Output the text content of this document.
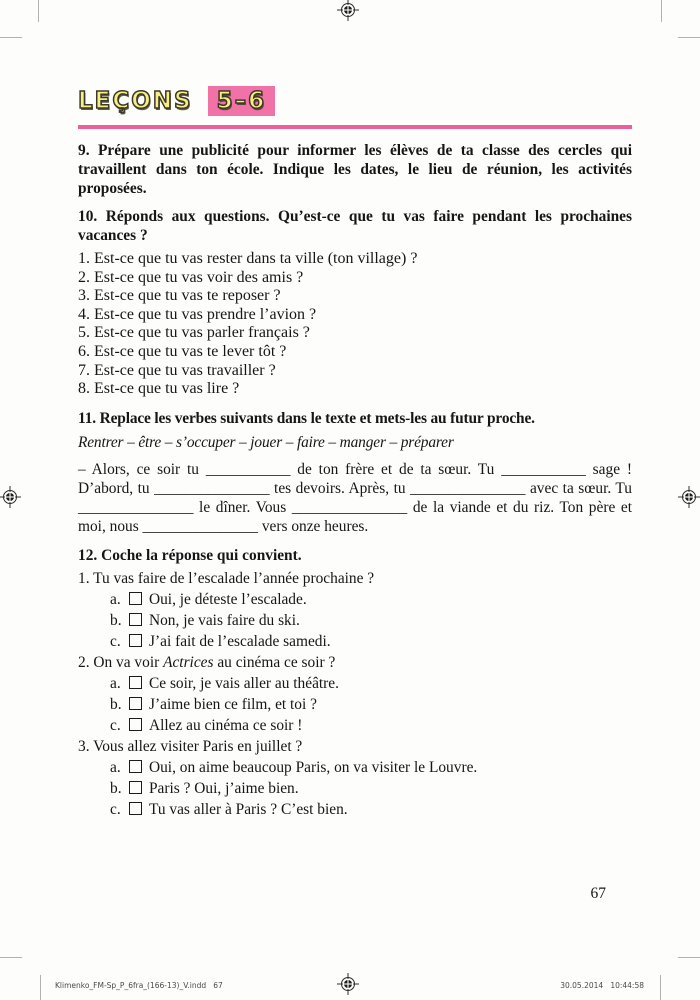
LEÇONS	5–6

9. Prépare une publicité pour informer les élèves de ta classe des cercles qui travaillent dans ton école. Indique les dates, le lieu de réunion, les activités proposées.

10. Réponds aux questions. Qu’est-ce que tu vas faire pendant les prochaines vacances ?

1. Est-ce que tu vas rester dans ta ville (ton village) ?
2. Est-ce que tu vas voir des amis ?
3. Est-ce que tu vas te reposer ?
4. Est-ce que tu vas prendre l’avion ?
5. Est-ce que tu vas parler français ?
6. Est-ce que tu vas te lever tôt ?
7. Est-ce que tu vas travailler ?
8. Est-ce que tu vas lire ?

11. Replace les verbes suivants dans le texte et mets-les au futur proche.

Rentrer – être – s’occuper – jouer – faire – manger – préparer

– Alors, ce soir tu ___________ de ton frère et de ta sœur. Tu ___________ sage ! D’abord, tu _______________ tes devoirs. Après, tu _______________ avec ta sœur. Tu _______________ le dîner. Vous _______________ de la viande et du riz. Ton père et moi, nous _______________ vers onze heures.

12. Coche la réponse qui convient.

1. Tu vas faire de l’escalade l’année prochaine ?
a. Oui, je déteste l’escalade.
b. Non, je vais faire du ski.
c. J’ai fait de l’escalade samedi.
2. On va voir Actrices au cinéma ce soir ?
a. Ce soir, je vais aller au théâtre.
b. J’aime bien ce film, et toi ?
c. Allez au cinéma ce soir !
3. Vous allez visiter Paris en juillet ?
a. Oui, on aime beaucoup Paris, on va visiter le Louvre.
b. Paris ? Oui, j’aime bien.
c. Tu vas aller à Paris ? C’est bien.
67
Klimenko_FM-Sp_P_6fra_(166-13)_V.indd   67	30.05.2014   10:44:58
